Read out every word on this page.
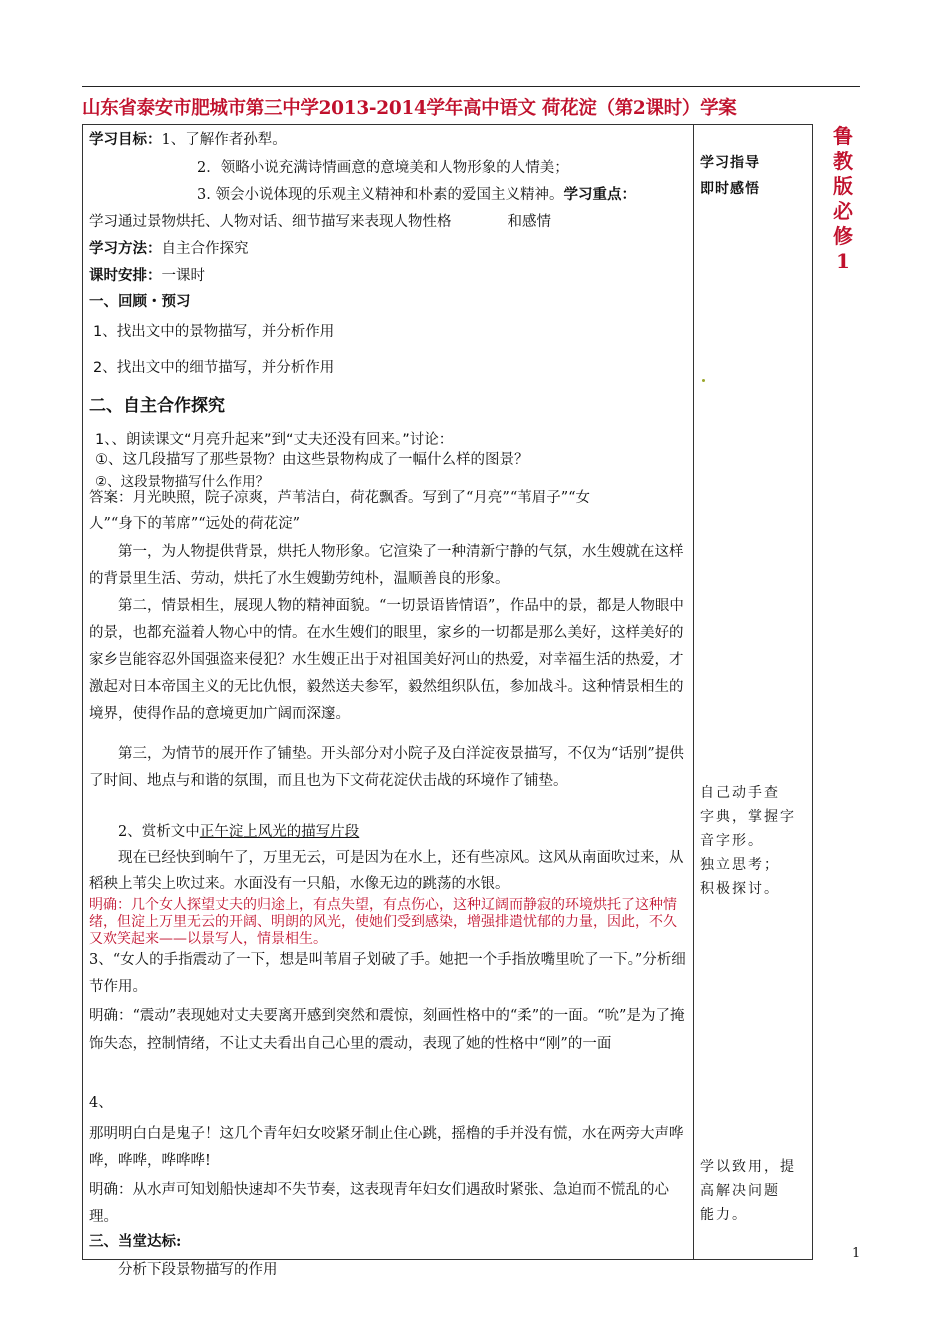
山东省泰安市肥城市第三中学2013-2014学年高中语文 荷花淀（第2课时）学案
鲁
教
版
必
修
1
学习目标：1、了解作者孙犁。
2．领略小说充满诗情画意的意境美和人物形象的人情美；
3. 领会小说体现的乐观主义精神和朴素的爱国主义精神。学习重点：
学习通过景物烘托、人物对话、细节描写来表现人物性格	和感情
学习方法：自主合作探究
课时安排：一课时
一、回顾・预习
1、找出文中的景物描写，并分析作用
2、找出文中的细节描写，并分析作用
二、自主合作探究
1、、朗读课文“月亮升起来”到“丈夫还没有回来。”讨论：
①、这几段描写了那些景物？由这些景物构成了一幅什么样的图景？
②、这段景物描写什么作用？
答案：月光映照，院子凉爽，芦苇洁白，荷花飘香。写到了“月亮”“苇眉子”“女
人”“身下的苇席”“远处的荷花淀”
第一，为人物提供背景，烘托人物形象。它渲染了一种清新宁静的气氛，水生嫂就在这样的背景里生活、劳动，烘托了水生嫂勤劳纯朴，温顺善良的形象。
第二，情景相生，展现人物的精神面貌。“一切景语皆情语”，作品中的景，都是人物眼中的景，也都充溢着人物心中的情。在水生嫂们的眼里，家乡的一切都是那么美好，这样美好的家乡岂能容忍外国强盗来侵犯？水生嫂正出于对祖国美好河山的热爱，对幸福生活的热爱，才激起对日本帝国主义的无比仇恨，毅然送夫参军，毅然组织队伍，参加战斗。这种情景相生的境界，使得作品的意境更加广阔而深邃。
第三，为情节的展开作了铺垫。开头部分对小院子及白洋淀夜景描写，不仅为“话别”提供了时间、地点与和谐的氛围，而且也为下文荷花淀伏击战的环境作了铺垫。
2、赏析文中正午淀上风光的描写片段
现在已经快到晌午了，万里无云，可是因为在水上，还有些凉风。这风从南面吹过来，从稻秧上苇尖上吹过来。水面没有一只船，水像无边的跳荡的水银。
明确：几个女人探望丈夫的归途上，有点失望，有点伤心，这种辽阔而静寂的环境烘托了这种情绪，但淀上万里无云的开阔、明朗的风光，使她们受到感染，增强排遣忧郁的力量，因此，不久又欢笑起来——以景写人，情景相生。
3、“女人的手指震动了一下，想是叫苇眉子划破了手。她把一个手指放嘴里吮了一下。”分析细节作用。
明确：“震动”表现她对丈夫要离开感到突然和震惊，刻画性格中的“柔”的一面。“吮”是为了掩饰失态，控制情绪，不让丈夫看出自己心里的震动，表现了她的性格中“刚”的一面
4、
那明明白白是鬼子！这几个青年妇女咬紧牙制止住心跳，摇橹的手并没有慌，水在两旁大声哗哗，哗哗，哗哗哗!
明确：从水声可知划船快速却不失节奏，这表现青年妇女们遇敌时紧张、急迫而不慌乱的心理。
三、当堂达标:
分析下段景物描写的作用

学习指导
即时感悟
自己动手查
字典，掌握字
音字形。
独立思考；
积极探讨。
学以致用，提
高解决问题
能力。

1
